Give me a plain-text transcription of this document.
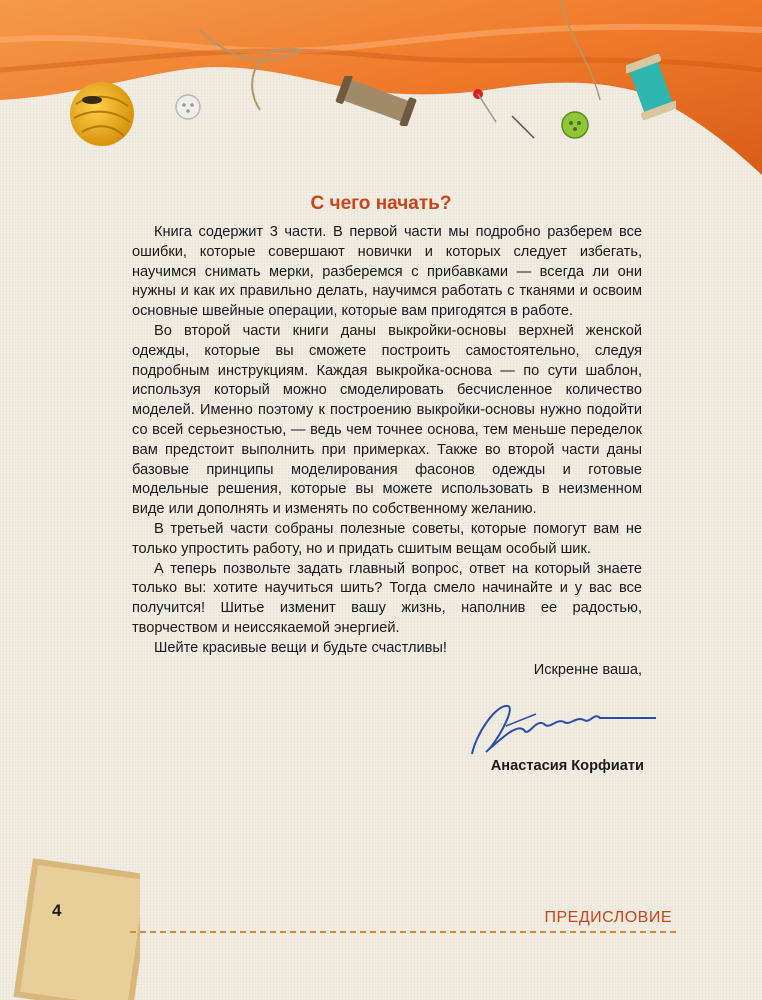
С чего начать?

Книга содержит 3 части. В первой части мы подробно разберем все ошибки, которые совершают новички и которых следует избегать, научимся снимать мерки, разберемся с прибавками — всегда ли они нужны и как их правильно делать, научимся работать с тканями и освоим основные швейные операции, которые вам пригодятся в работе.

Во второй части книги даны выкройки-основы верхней женской одежды, которые вы сможете построить самостоятельно, следуя подробным инструкциям. Каждая выкройка-основа — по сути шаблон, используя который можно смоделировать бесчисленное количество моделей. Именно поэтому к построению выкройки-основы нужно подойти со всей серьезностью, — ведь чем точнее основа, тем меньше переделок вам предстоит выполнить при примерках. Также во второй части даны базовые принципы моделирования фасонов одежды и готовые модельные решения, которые вы можете использовать в неизменном виде или дополнять и изменять по собственному желанию.

В третьей части собраны полезные советы, которые помогут вам не только упростить работу, но и придать сшитым вещам особый шик.

А теперь позвольте задать главный вопрос, ответ на который знаете только вы: хотите научиться шить? Тогда смело начинайте и у вас все получится! Шитье изменит вашу жизнь, наполнив ее радостью, творчеством и неиссякаемой энергией.

Шейте красивые вещи и будьте счастливы!

Искренне ваша,

Анастасия Корфиати

4	ПРЕДИСЛОВИЕ
